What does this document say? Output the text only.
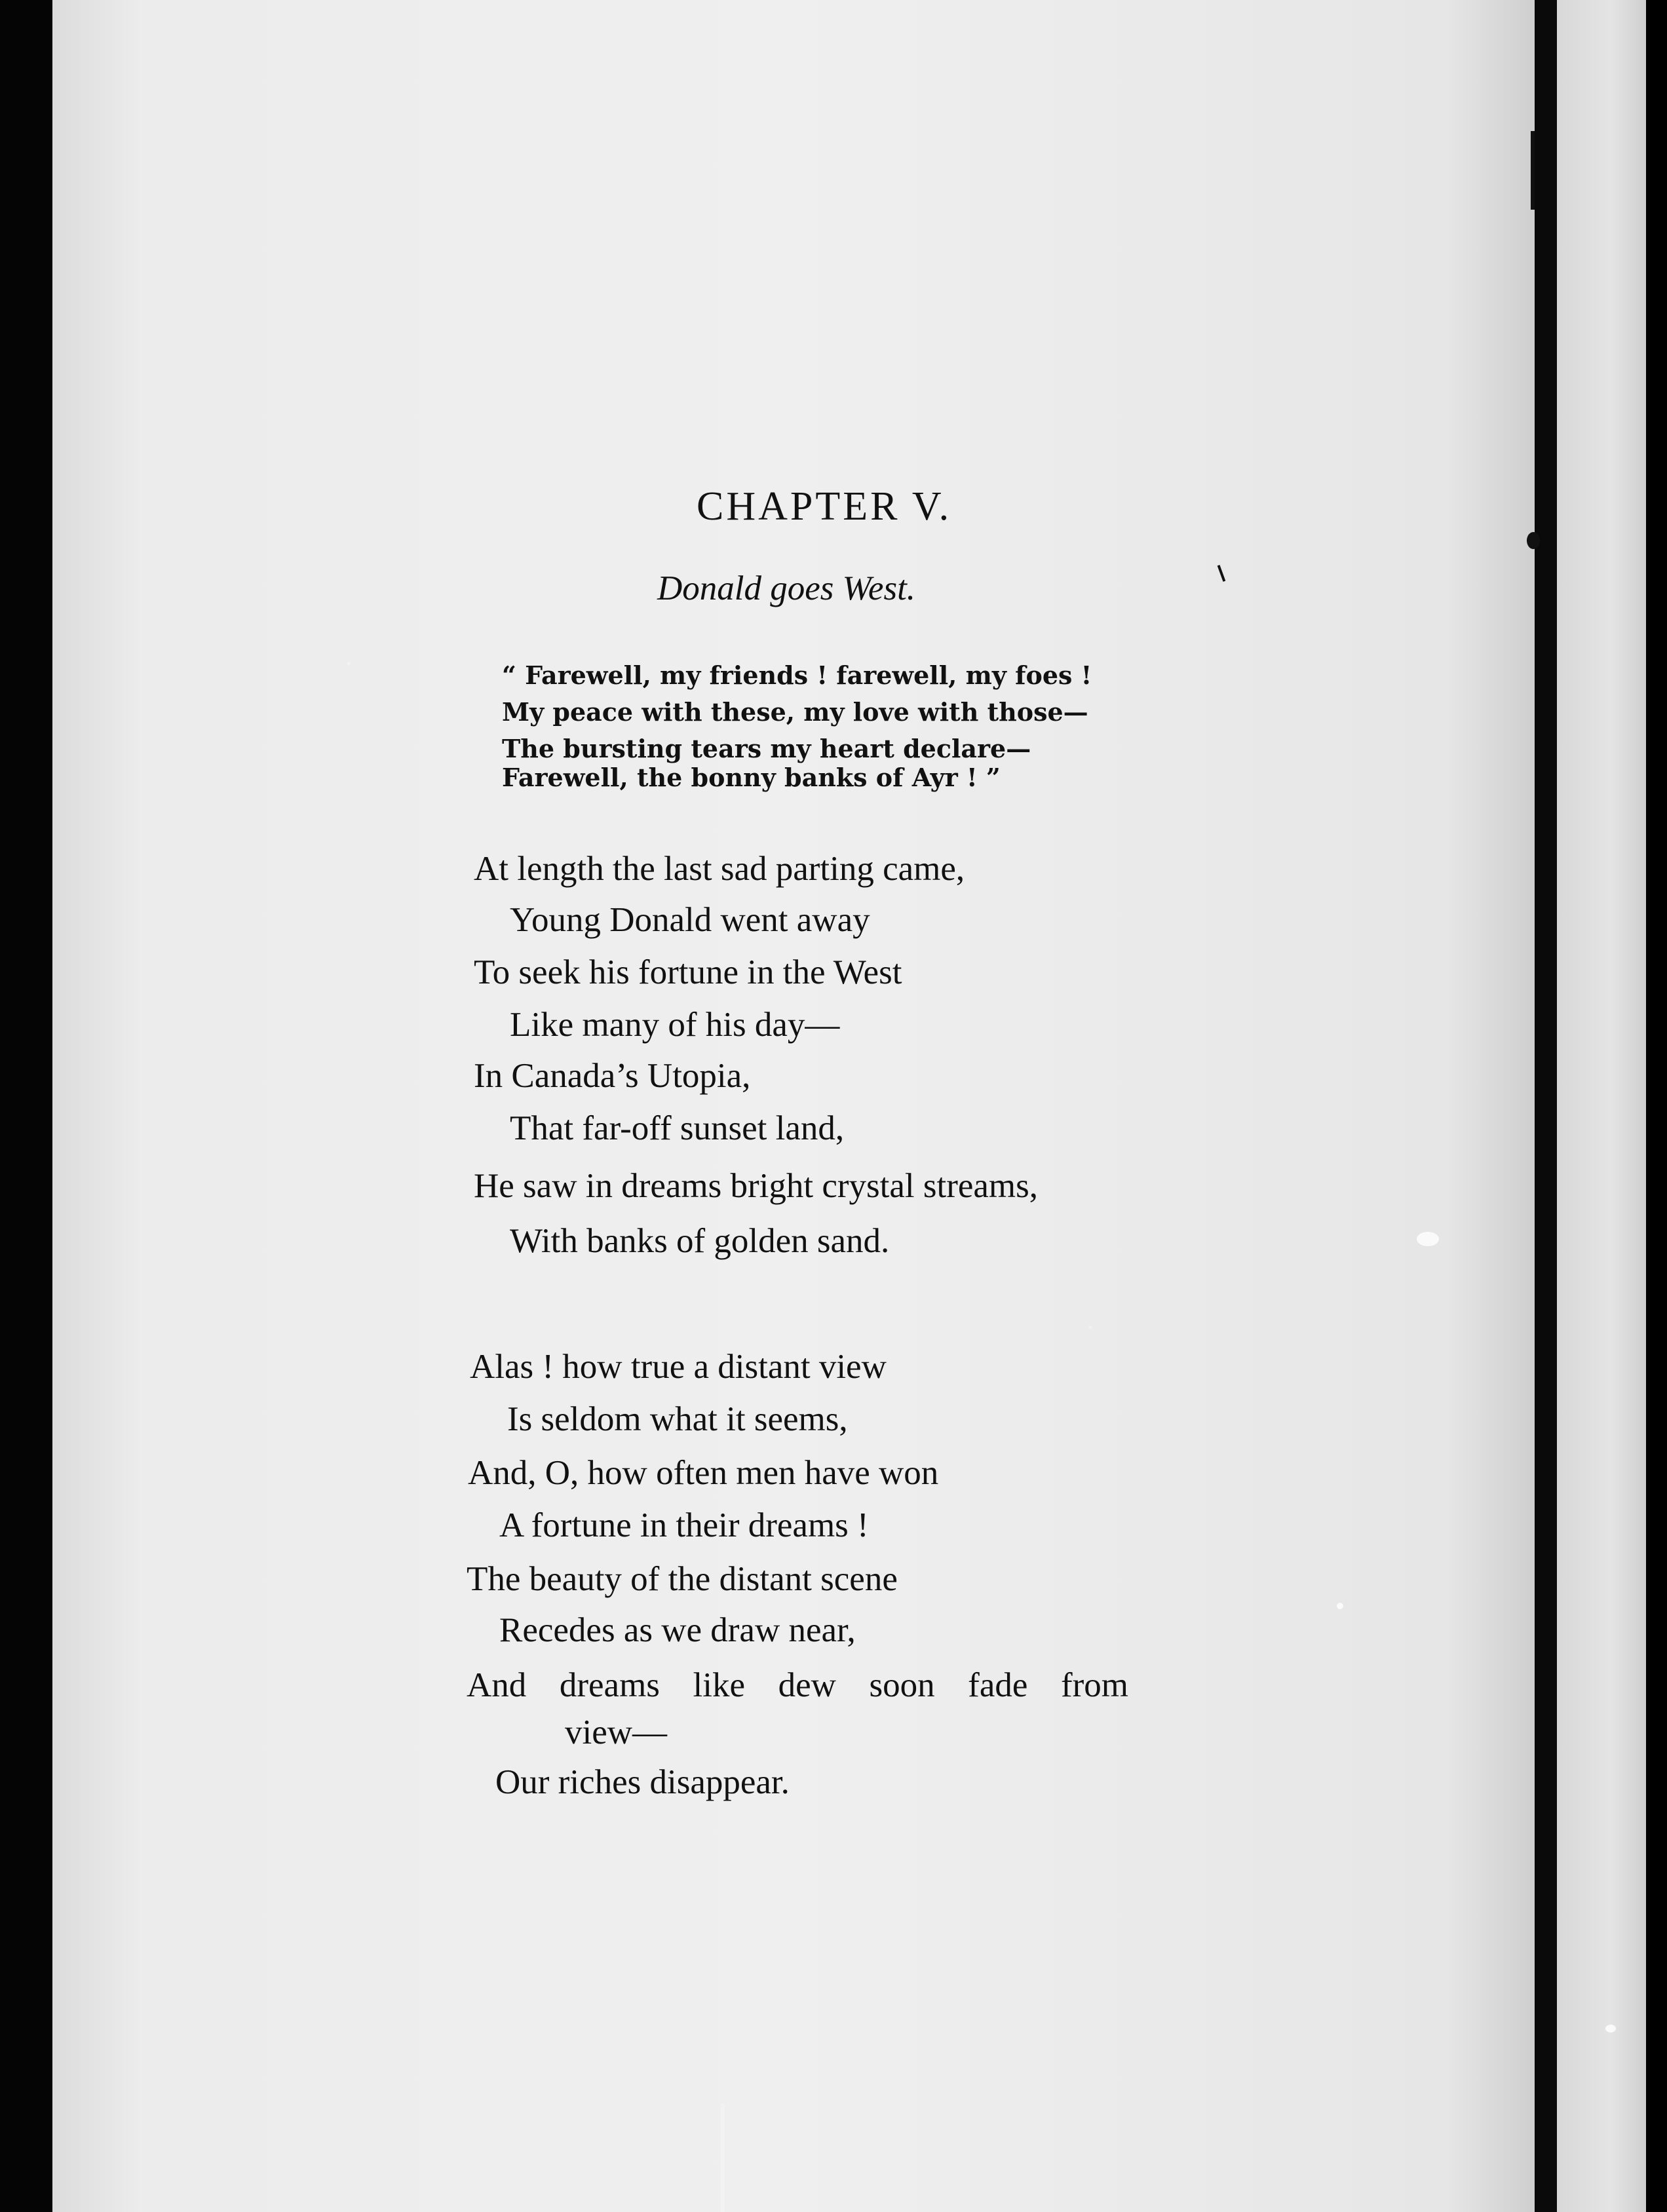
CHAPTER V.
Donald goes West.
“ Farewell, my friends ! farewell, my foes !
My peace with these, my love with those—
The bursting tears my heart declare—
Farewell, the bonny banks of Ayr ! ”
At length the last sad parting came,
Young Donald went away
To seek his fortune in the West
Like many of his day—
In Canada’s Utopia,
That far-off sunset land,
He saw in dreams bright crystal streams,
With banks of golden sand.
Alas ! how true a distant view
Is seldom what it seems,
And, O, how often men have won
A fortune in their dreams !
The beauty of the distant scene
Recedes as we draw near,
And dreams like dew soon fade from
view—
Our riches disappear.
